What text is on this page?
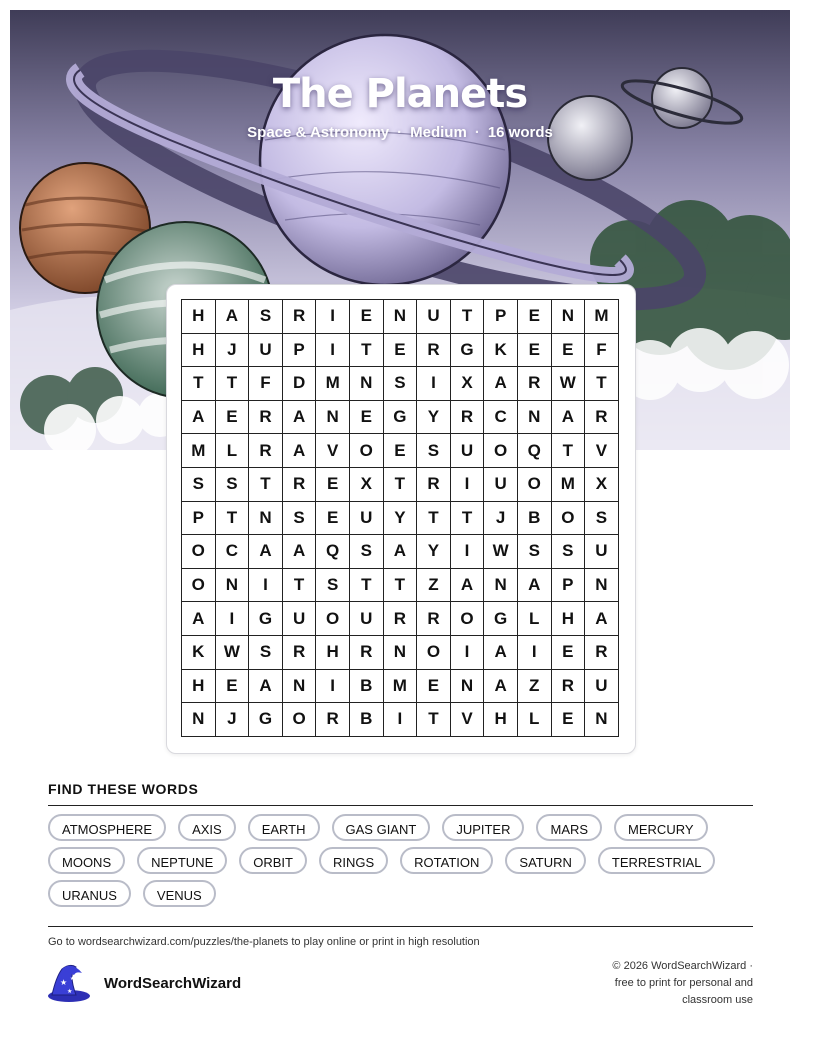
The Planets
Space & Astronomy · Medium · 16 words
H	A	S	R	I	E	N	U	T	P	E	N	M
H	J	U	P	I	T	E	R	G	K	E	E	F
T	T	F	D	M	N	S	I	X	A	R	W	T
A	E	R	A	N	E	G	Y	R	C	N	A	R
M	L	R	A	V	O	E	S	U	O	Q	T	V
S	S	T	R	E	X	T	R	I	U	O	M	X
P	T	N	S	E	U	Y	T	T	J	B	O	S
O	C	A	A	Q	S	A	Y	I	W	S	S	U
O	N	I	T	S	T	T	Z	A	N	A	P	N
A	I	G	U	O	U	R	R	O	G	L	H	A
K	W	S	R	H	R	N	O	I	A	I	E	R
H	E	A	N	I	B	M	E	N	A	Z	R	U
N	J	G	O	R	B	I	T	V	H	L	E	N
FIND THESE WORDS
ATMOSPHERE	AXIS	EARTH	GAS GIANT	JUPITER	MARS	MERCURY
MOONS	NEPTUNE	ORBIT	RINGS	ROTATION	SATURN	TERRESTRIAL
URANUS	VENUS
Go to wordsearchwizard.com/puzzles/the-planets to play online or print in high resolution
★
★
★ WordSearchWizard
© 2026 WordSearchWizard ·
free to print for personal and
classroom use
